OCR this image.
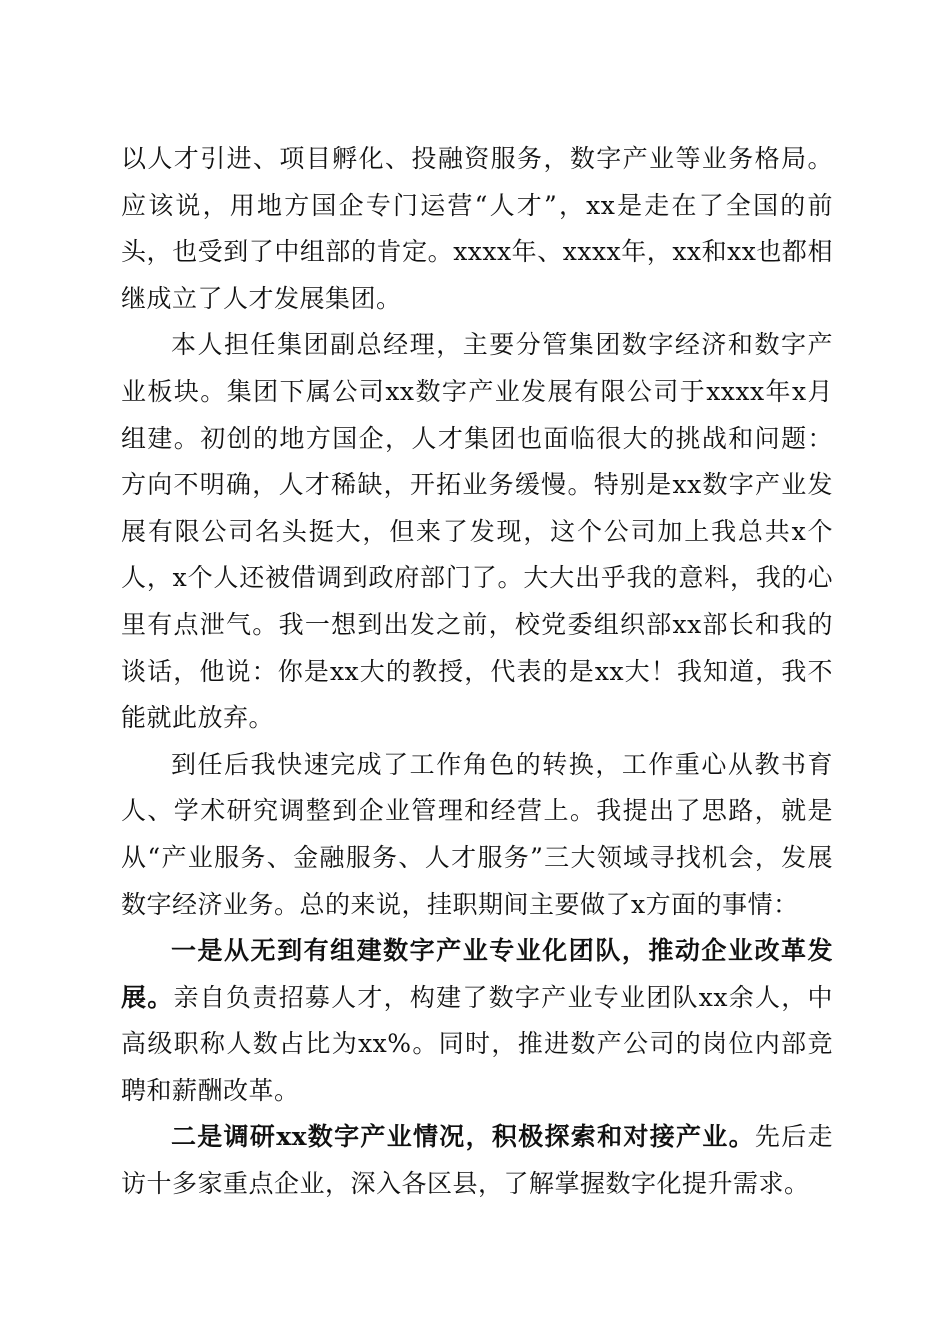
以人才引进、项目孵化、投融资服务，数字产业等业务格局。应该说，用地方国企专门运营“人才”，xx是走在了全国的前头，也受到了中组部的肯定。xxxx年、xxxx年，xx和xx也都相继成立了人才发展集团。

本人担任集团副总经理，主要分管集团数字经济和数字产业板块。集团下属公司xx数字产业发展有限公司于xxxx年x月组建。初创的地方国企，人才集团也面临很大的挑战和问题：方向不明确，人才稀缺，开拓业务缓慢。特别是xx数字产业发展有限公司名头挺大，但来了发现，这个公司加上我总共x个人，x个人还被借调到政府部门了。大大出乎我的意料，我的心里有点泄气。我一想到出发之前，校党委组织部xx部长和我的谈话，他说：你是xx大的教授，代表的是xx大！我知道，我不能就此放弃。

到任后我快速完成了工作角色的转换，工作重心从教书育人、学术研究调整到企业管理和经营上。我提出了思路，就是从“产业服务、金融服务、人才服务”三大领域寻找机会，发展数字经济业务。总的来说，挂职期间主要做了x方面的事情：

一是从无到有组建数字产业专业化团队，推动企业改革发展。亲自负责招募人才，构建了数字产业专业团队xx余人，中高级职称人数占比为xx%。同时，推进数产公司的岗位内部竞聘和薪酬改革。

二是调研xx数字产业情况，积极探索和对接产业。先后走访十多家重点企业，深入各区县，了解掌握数字化提升需求。
